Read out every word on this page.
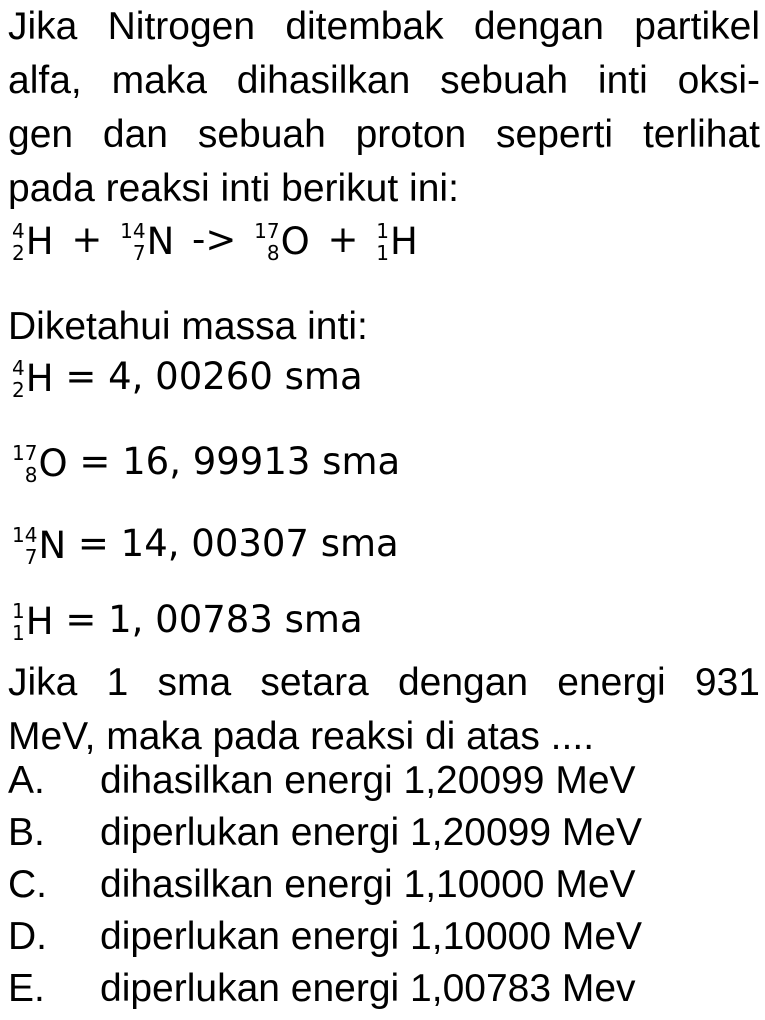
Jika Nitrogen ditembak dengan partikel
alfa, maka dihasilkan sebuah inti oksi-
gen dan sebuah proton seperti terlihat
pada reaksi inti berikut ini:
4
2 H + 14
7 N -> 17
8 O + 1
1 H
Diketahui massa inti:
4
2 H = 4, 00260 sma
17
8 O = 16, 99913 sma
14
7 N = 14, 00307 sma
1
1 H = 1, 00783 sma
Jika 1 sma setara dengan energi 931
MeV, maka pada reaksi di atas ....
A. dihasilkan energi 1,20099 MeV
B. diperlukan energi 1,20099 MeV
C. dihasilkan energi 1,10000 MeV
D. diperlukan energi 1,10000 MeV
E. diperlukan energi 1,00783 Mev
